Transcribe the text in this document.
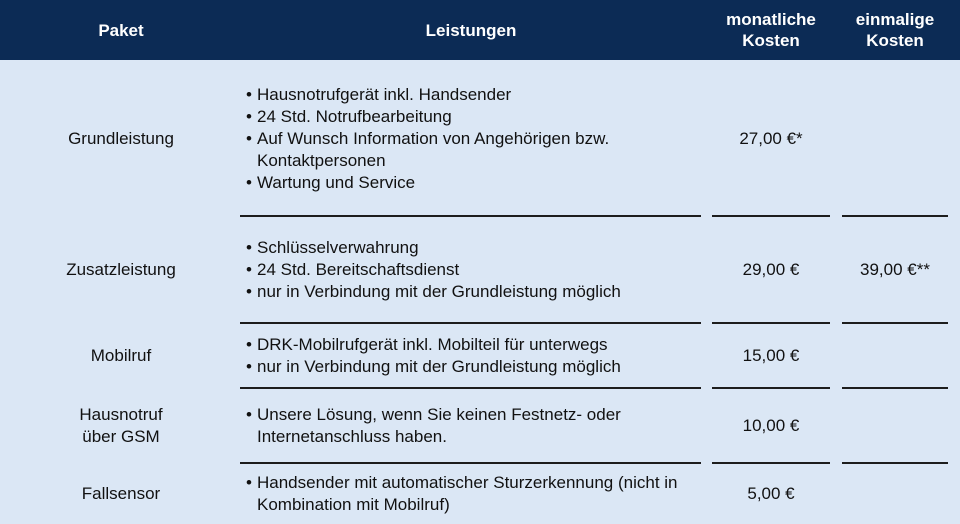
Paket	Leistungen
monatliche
Kosten
einmalige
Kosten
Grundleistung
• Hausnotrufgerät inkl. Handsender
• 24 Std. Notrufbearbeitung
• Auf Wunsch Information von Angehörigen bzw. Kontaktpersonen
• Wartung und Service
27,00 €*
Zusatzleistung
• Schlüsselverwahrung
• 24 Std. Bereitschaftsdienst
• nur in Verbindung mit der Grundleistung möglich
29,00 €	39,00 €**
Mobilruf
• DRK-Mobilrufgerät inkl. Mobilteil für unterwegs
• nur in Verbindung mit der Grundleistung möglich
15,00 €
Hausnotruf
über GSM
• Unsere Lösung, wenn Sie keinen Festnetz- oder Internetanschluss haben.
10,00 €
Fallsensor
• Handsender mit automatischer Sturzerkennung (nicht in Kombination mit Mobilruf)
5,00 €
